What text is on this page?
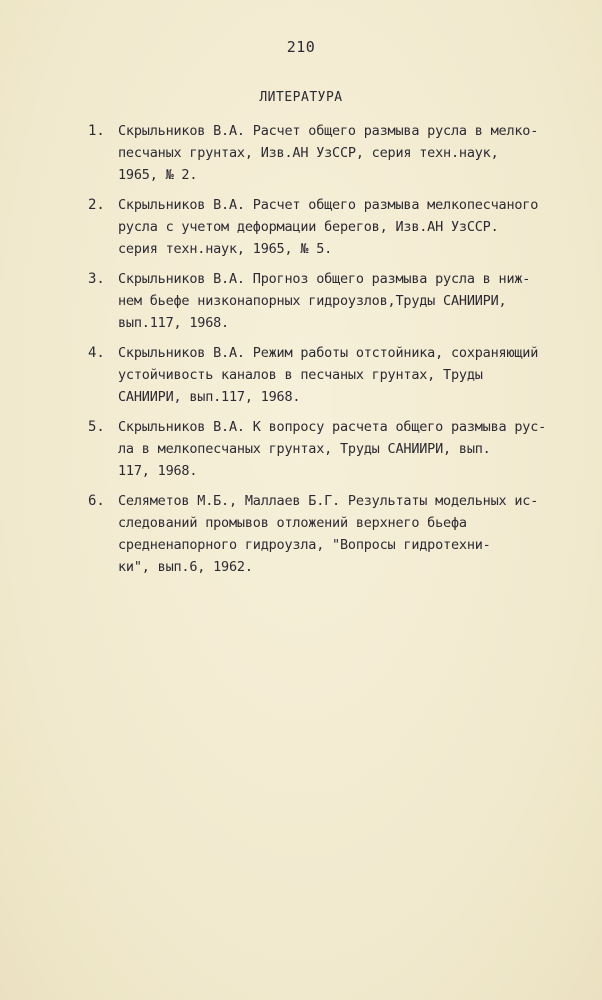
210
ЛИТЕРАТУРА
1. Скрыльников В.А. Расчет общего размыва русла в мелко-
песчаных грунтах, Изв.АН УзССР, серия техн.наук,
1965, № 2.
2. Скрыльников В.А. Расчет общего размыва мелкопесчаного
русла с учетом деформации берегов, Изв.АН УзССР.
серия техн.наук, 1965, № 5.
3. Скрыльников В.А. Прогноз общего размыва русла в ниж-
нем бьефе низконапорных гидроузлов,Труды САНИИРИ,
вып.117, 1968.
4. Скрыльников В.А. Режим работы отстойника, сохраняющий
устойчивость каналов в песчаных грунтах, Труды
САНИИРИ, вып.117, 1968.
5. Скрыльников В.А. К вопросу расчета общего размыва рус-
ла в мелкопесчаных грунтах, Труды САНИИРИ, вып.
117, 1968.
6. Селяметов М.Б., Маллаев Б.Г. Результаты модельных ис-
следований промывов отложений верхнего бьефа
средненапорного гидроузла, "Вопросы гидротехни-
ки", вып.6, 1962.
